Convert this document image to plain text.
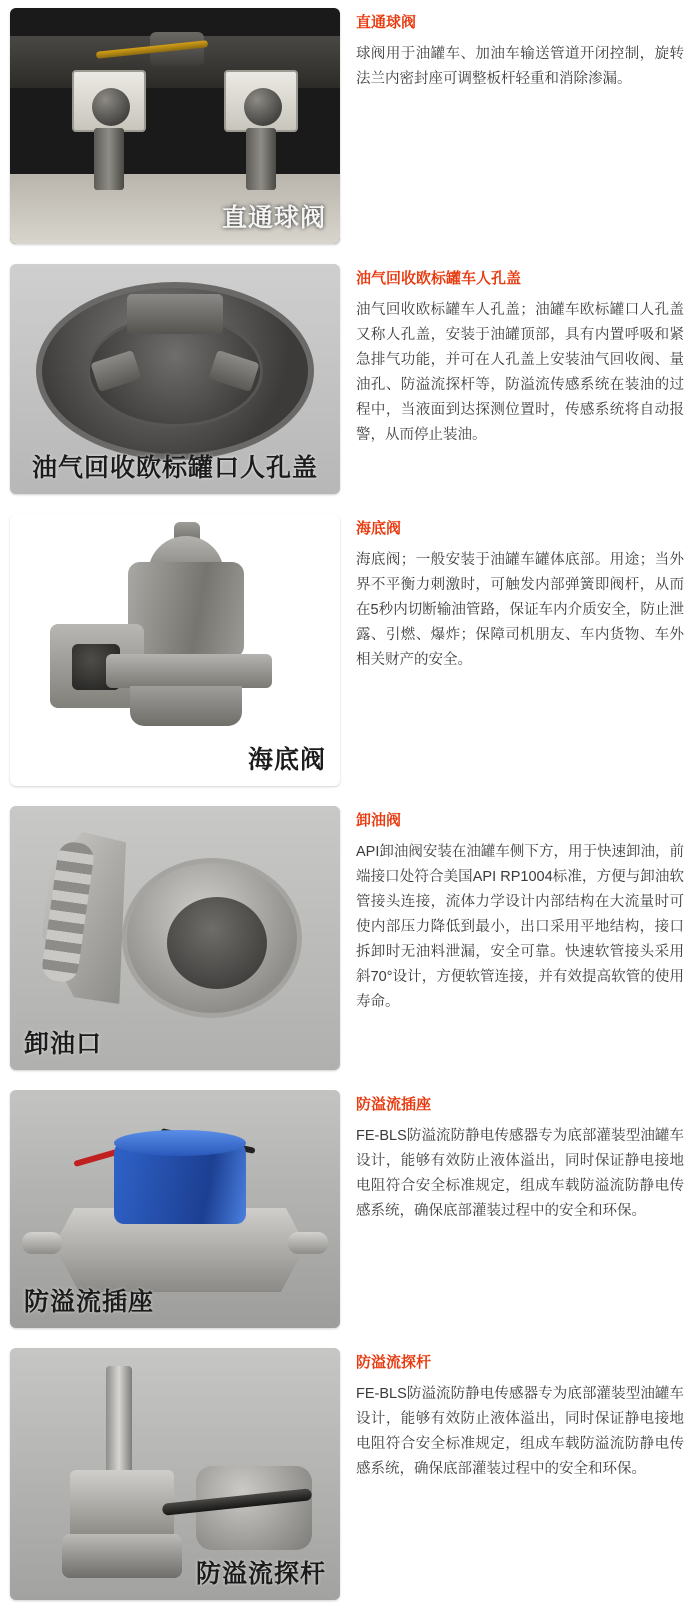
直通球阀
直通球阀

球阀用于油罐车、加油车输送管道开闭控制，旋转法兰内密封座可调整板杆轻重和消除渗漏。

油气回收欧标罐口人孔盖
油气回收欧标罐车人孔盖

油气回收欧标罐车人孔盖；油罐车欧标罐口人孔盖又称人孔盖，安装于油罐顶部，具有内置呼吸和紧急排气功能，并可在人孔盖上安装油气回收阀、量油孔、防溢流探杆等，防溢流传感系统在装油的过程中，当液面到达探测位置时，传感系统将自动报警，从而停止装油。

海底阀
海底阀

海底阀；一般安装于油罐车罐体底部。用途；当外界不平衡力刺激时，可触发内部弹簧即阀杆，从而在5秒内切断输油管路，保证车内介质安全，防止泄露、引燃、爆炸；保障司机朋友、车内货物、车外相关财产的安全。

卸油口
卸油阀

API卸油阀安装在油罐车侧下方，用于快速卸油，前端接口处符合美国API RP1004标准，方便与卸油软管接头连接，流体力学设计内部结构在大流量时可使内部压力降低到最小，出口采用平地结构，接口拆卸时无油料泄漏，安全可靠。快速软管接头采用斜70°设计，方便软管连接，并有效提高软管的使用寿命。

防溢流插座
防溢流插座

FE-BLS防溢流防静电传感器专为底部灌装型油罐车设计，能够有效防止液体溢出，同时保证静电接地电阻符合安全标准规定，组成车载防溢流防静电传感系统，确保底部灌装过程中的安全和环保。

防溢流探杆
防溢流探杆

FE-BLS防溢流防静电传感器专为底部灌装型油罐车设计，能够有效防止液体溢出，同时保证静电接地电阻符合安全标准规定，组成车载防溢流防静电传感系统，确保底部灌装过程中的安全和环保。
